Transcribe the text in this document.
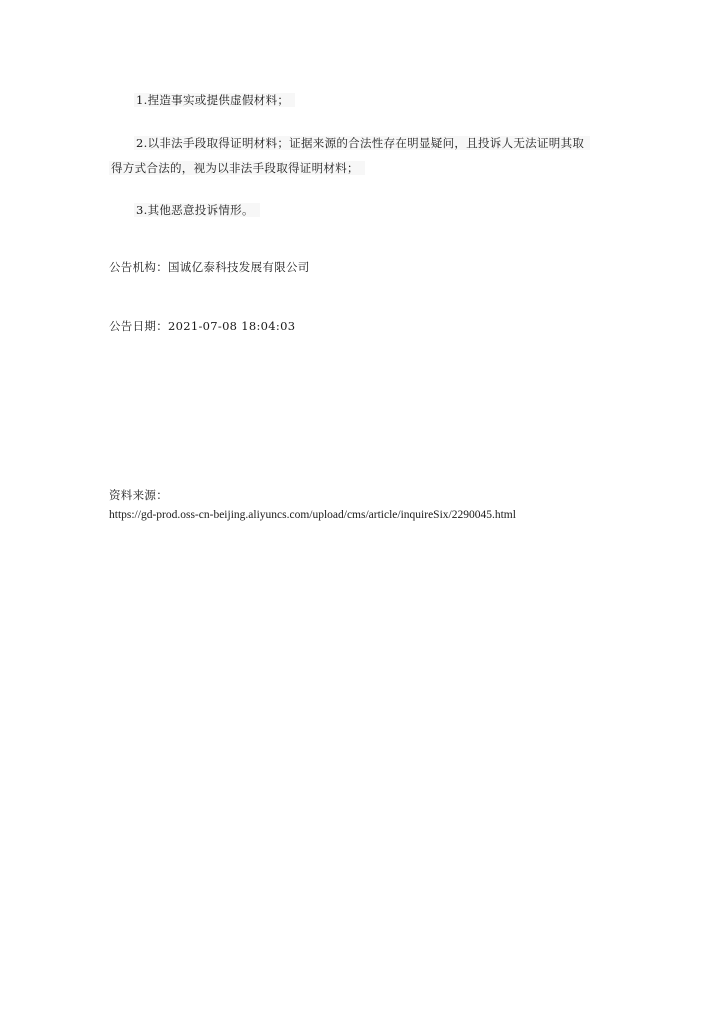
1.捏造事实或提供虚假材料；
2.以非法手段取得证明材料；证据来源的合法性存在明显疑问，且投诉人无法证明其取
得方式合法的，视为以非法手段取得证明材料；
3.其他恶意投诉情形。
公告机构：国诚亿泰科技发展有限公司
公告日期：2021-07-08 18:04:03
资料来源：
https://gd-prod.oss-cn-beijing.aliyuncs.com/upload/cms/article/inquireSix/2290045.html
